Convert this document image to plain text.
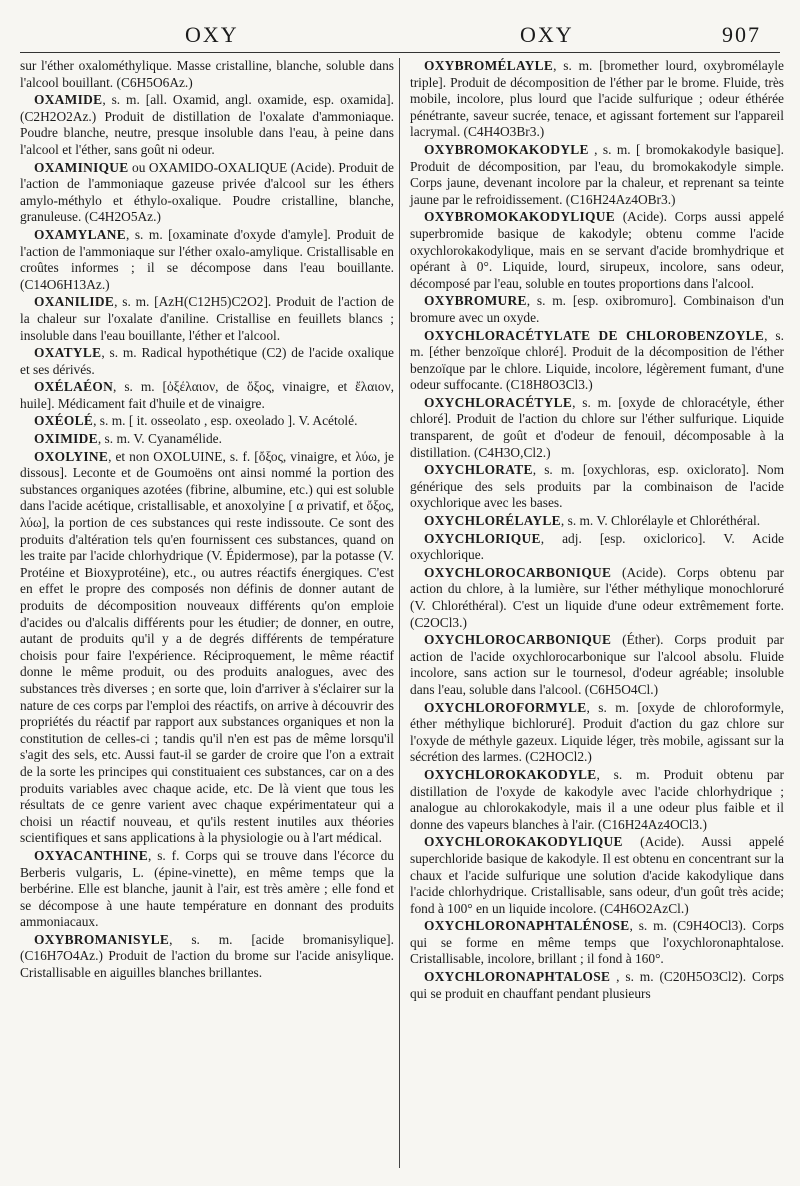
OXY	OXY	907

sur l'éther oxalométhylique. Masse cristalline, blanche, soluble dans l'alcool bouillant. (C6H5O6Az.)

OXAMIDE, s. m. [all. Oxamid, angl. oxamide, esp. oxamida]. (C2H2O2Az.) Produit de distillation de l'oxalate d'ammoniaque. Poudre blanche, neutre, presque insoluble dans l'eau, à peine dans l'alcool et l'éther, sans goût ni odeur.

OXAMINIQUE ou OXAMIDO-OXALIQUE (Acide). Produit de l'action de l'ammoniaque gazeuse privée d'alcool sur les éthers amylo-méthylo et éthylo-oxalique. Poudre cristalline, blanche, granuleuse. (C4H2O5Az.)

OXAMYLANE, s. m. [oxaminate d'oxyde d'amyle]. Produit de l'action de l'ammoniaque sur l'éther oxalo-amylique. Cristallisable en croûtes informes ; il se décompose dans l'eau bouillante. (C14O6H13Az.)

OXANILIDE, s. m. [AzH(C12H5)C2O2]. Produit de l'action de la chaleur sur l'oxalate d'aniline. Cristallise en feuillets blancs ; insoluble dans l'eau bouillante, l'éther et l'alcool.

OXATYLE, s. m. Radical hypothétique (C2) de l'acide oxalique et ses dérivés.

OXÉLAÉON, s. m. [ὀξέλαιον, de ὄξος, vinaigre, et ἔλαιον, huile]. Médicament fait d'huile et de vinaigre.

OXÉOLÉ, s. m. [ it. osseolato , esp. oxeolado ]. V. Acétolé.

OXIMIDE, s. m. V. Cyanamélide.

OXOLYINE, et non OXOLUINE, s. f. [ὄξος, vinaigre, et λύω, je dissous]. Leconte et de Goumoëns ont ainsi nommé la portion des substances organiques azotées (fibrine, albumine, etc.) qui est soluble dans l'acide acétique, cristallisable, et anoxolyine [ α privatif, et ὄξος, λύω], la portion de ces substances qui reste indissoute. Ce sont des produits d'altération tels qu'en fournissent ces substances, quand on les traite par l'acide chlorhydrique (V. Épidermose), par la potasse (V. Protéine et Bioxyprotéine), etc., ou autres réactifs énergiques. C'est en effet le propre des composés non définis de donner autant de produits de décomposition nouveaux différents qu'on emploie d'acides ou d'alcalis différents pour les étudier; de donner, en outre, autant de produits qu'il y a de degrés différents de température choisis pour faire l'expérience. Réciproquement, le même réactif donne le même produit, ou des produits analogues, avec des substances très diverses ; en sorte que, loin d'arriver à s'éclairer sur la nature de ces corps par l'emploi des réactifs, on arrive à découvrir des propriétés du réactif par rapport aux substances organiques et non la constitution de celles-ci ; tandis qu'il n'en est pas de même lorsqu'il s'agit des sels, etc. Aussi faut-il se garder de croire que l'on a extrait de la sorte les principes qui constituaient ces substances, car on a des produits variables avec chaque acide, etc. De là vient que tous les résultats de ce genre varient avec chaque expérimentateur qui a choisi un réactif nouveau, et qu'ils restent inutiles aux théories scientifiques et sans applications à la physiologie ou à l'art médical.

OXYACANTHINE, s. f. Corps qui se trouve dans l'écorce du Berberis vulgaris, L. (épine-vinette), en même temps que la berbérine. Elle est blanche, jaunit à l'air, est très amère ; elle fond et se décompose à une haute température en donnant des produits ammoniacaux.

OXYBROMANISYLE, s. m. [acide bromanisylique]. (C16H7O4Az.) Produit de l'action du brome sur l'acide anisylique. Cristallisable en aiguilles blanches brillantes.

OXYBROMÉLAYLE, s. m. [bromether lourd, oxybromélayle triple]. Produit de décomposition de l'éther par le brome. Fluide, très mobile, incolore, plus lourd que l'acide sulfurique ; odeur éthérée pénétrante, saveur sucrée, tenace, et agissant fortement sur l'appareil lacrymal. (C4H4O3Br3.)

OXYBROMOKAKODYLE , s. m. [ bromokakodyle basique]. Produit de décomposition, par l'eau, du bromokakodyle simple. Corps jaune, devenant incolore par la chaleur, et reprenant sa teinte jaune par le refroidissement. (C16H24Az4OBr3.)

OXYBROMOKAKODYLIQUE (Acide). Corps aussi appelé superbromide basique de kakodyle; obtenu comme l'acide oxychlorokakodylique, mais en se servant d'acide bromhydrique et opérant à 0°. Liquide, lourd, sirupeux, incolore, sans odeur, décomposé par l'eau, soluble en toutes proportions dans l'alcool.

OXYBROMURE, s. m. [esp. oxibromuro]. Combinaison d'un bromure avec un oxyde.

OXYCHLORACÉTYLATE DE CHLOROBENZOYLE, s. m. [éther benzoïque chloré]. Produit de la décomposition de l'éther benzoïque par le chlore. Liquide, incolore, légèrement fumant, d'une odeur suffocante. (C18H8O3Cl3.)

OXYCHLORACÉTYLE, s. m. [oxyde de chloracétyle, éther chloré]. Produit de l'action du chlore sur l'éther sulfurique. Liquide transparent, de goût et d'odeur de fenouil, décomposable à la distillation. (C4H3O,Cl2.)

OXYCHLORATE, s. m. [oxychloras, esp. oxiclorato]. Nom générique des sels produits par la combinaison de l'acide oxychlorique avec les bases.

OXYCHLORÉLAYLE, s. m. V. Chlorélayle et Chloréthéral.

OXYCHLORIQUE, adj. [esp. oxiclorico]. V. Acide oxychlorique.

OXYCHLOROCARBONIQUE (Acide). Corps obtenu par action du chlore, à la lumière, sur l'éther méthylique monochloruré (V. Chloréthéral). C'est un liquide d'une odeur extrêmement forte. (C2OCl3.)

OXYCHLOROCARBONIQUE (Éther). Corps produit par action de l'acide oxychlorocarbonique sur l'alcool absolu. Fluide incolore, sans action sur le tournesol, d'odeur agréable; insoluble dans l'eau, soluble dans l'alcool. (C6H5O4Cl.)

OXYCHLOROFORMYLE, s. m. [oxyde de chloroformyle, éther méthylique bichloruré]. Produit d'action du gaz chlore sur l'oxyde de méthyle gazeux. Liquide léger, très mobile, agissant sur la sécrétion des larmes. (C2HOCl2.)

OXYCHLOROKAKODYLE, s. m. Produit obtenu par distillation de l'oxyde de kakodyle avec l'acide chlorhydrique ; analogue au chlorokakodyle, mais il a une odeur plus faible et il donne des vapeurs blanches à l'air. (C16H24Az4OCl3.)

OXYCHLOROKAKODYLIQUE (Acide). Aussi appelé superchloride basique de kakodyle. Il est obtenu en concentrant sur la chaux et l'acide sulfurique une solution d'acide kakodylique dans l'acide chlorhydrique. Cristallisable, sans odeur, d'un goût très acide; fond à 100° en un liquide incolore. (C4H6O2AzCl.)

OXYCHLORONAPHTALÉNOSE, s. m. (C9H4OCl3). Corps qui se forme en même temps que l'oxychloronaphtalose. Cristallisable, incolore, brillant ; il fond à 160°.

OXYCHLORONAPHTALOSE , s. m. (C20H5O3Cl2). Corps qui se produit en chauffant pendant plusieurs
